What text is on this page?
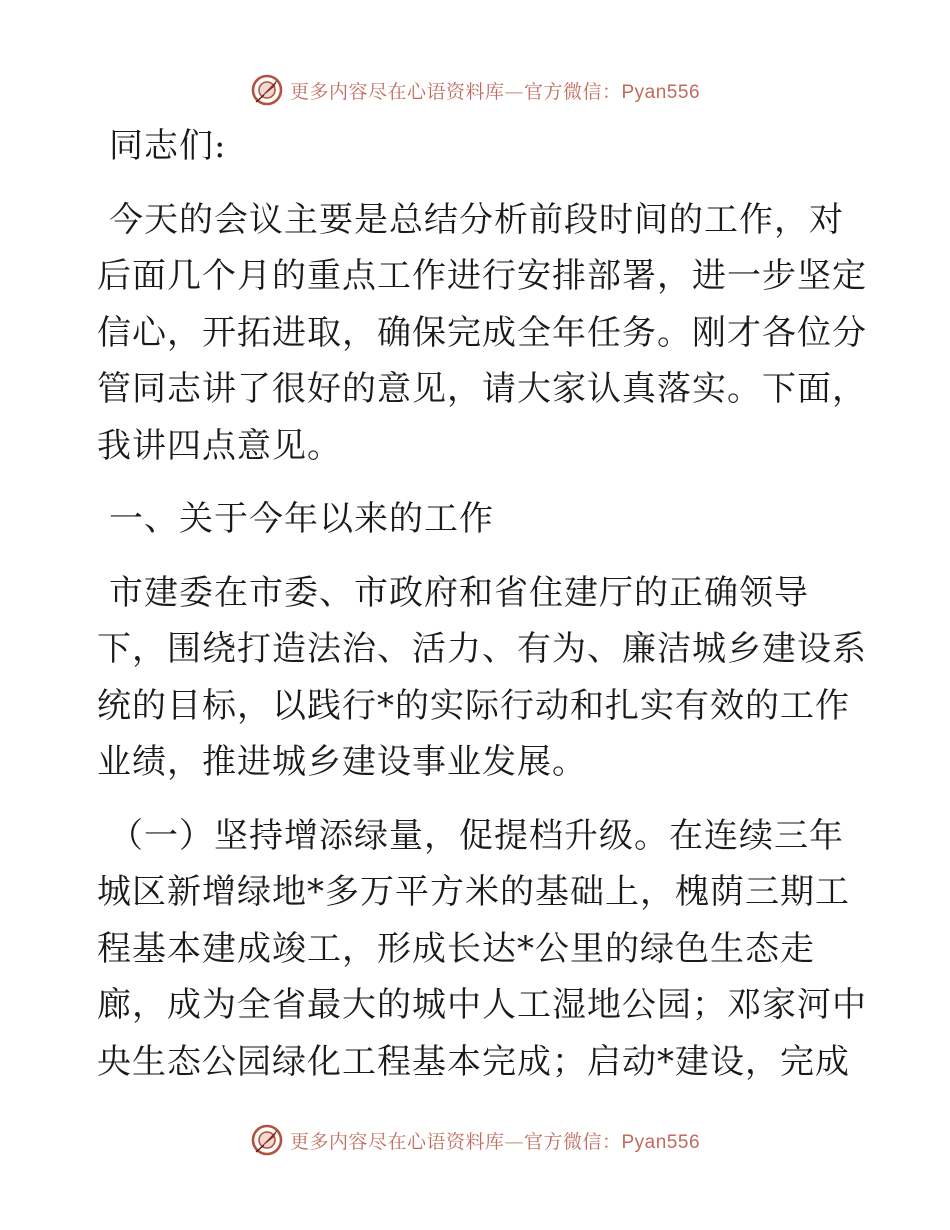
更多内容尽在心语资料库—官方微信：Pyan556

同志们:

今天的会议主要是总结分析前段时间的工作，对
后面几个月的重点工作进行安排部署，进一步坚定
信心，开拓进取，确保完成全年任务。刚才各位分
管同志讲了很好的意见，请大家认真落实。下面，
我讲四点意见。

一、关于今年以来的工作

市建委在市委、市政府和省住建厅的正确领导
下，围绕打造法治、活力、有为、廉洁城乡建设系
统的目标，以践行*的实际行动和扎实有效的工作
业绩，推进城乡建设事业发展。

（一）坚持增添绿量，促提档升级。在连续三年
城区新增绿地*多万平方米的基础上，槐荫三期工
程基本建成竣工，形成长达*公里的绿色生态走
廊，成为全省最大的城中人工湿地公园；邓家河中
央生态公园绿化工程基本完成；启动*建设，完成

更多内容尽在心语资料库—官方微信：Pyan556
